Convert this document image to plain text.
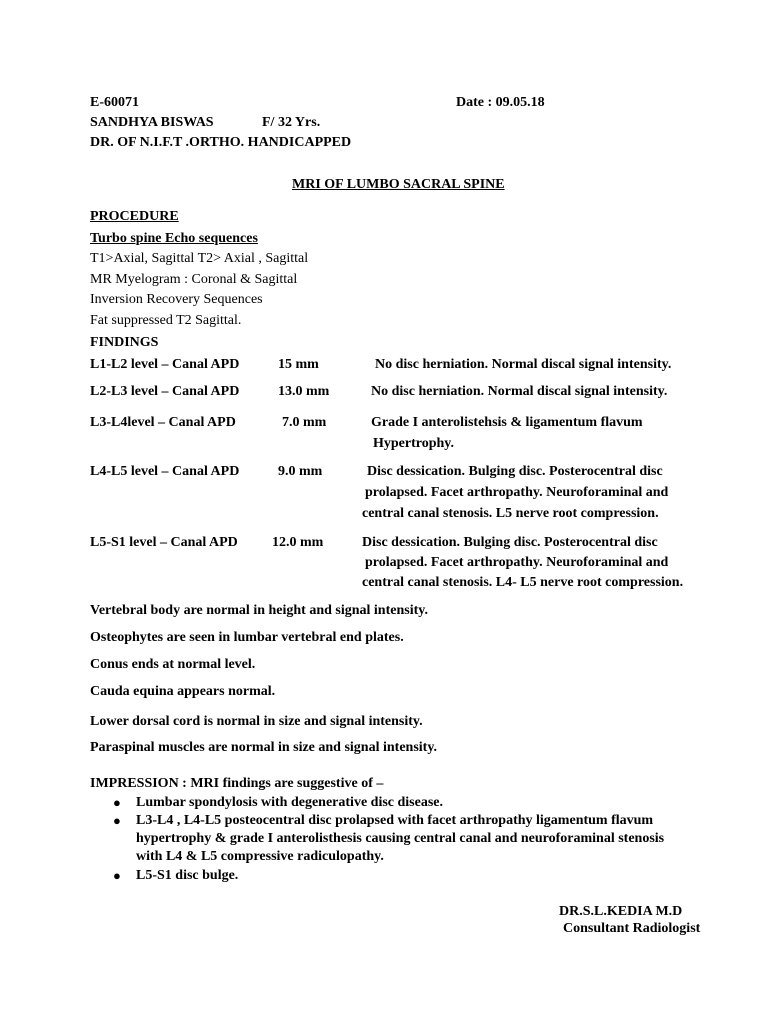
E-60071	Date : 09.05.18
SANDHYA BISWAS	F/ 32 Yrs.
DR. OF N.I.F.T .ORTHO. HANDICAPPED
MRI OF LUMBO SACRAL SPINE
PROCEDURE
Turbo spine Echo sequences
T1>Axial, Sagittal T2> Axial , Sagittal
MR Myelogram : Coronal & Sagittal
Inversion Recovery Sequences
Fat suppressed T2 Sagittal.
FINDINGS
L1-L2 level – Canal APD	15 mm	No disc herniation. Normal discal signal intensity.
L2-L3 level – Canal APD	13.0 mm	No disc herniation. Normal discal signal intensity.
L3-L4level – Canal APD	7.0 mm	Grade I anterolistehsis & ligamentum flavum
Hypertrophy.
L4-L5 level – Canal APD	9.0 mm	Disc dessication. Bulging disc. Posterocentral disc
prolapsed. Facet arthropathy. Neuroforaminal and
central canal stenosis. L5 nerve root compression.
L5-S1 level – Canal APD 12.0 mm	Disc dessication. Bulging disc. Posterocentral disc
prolapsed. Facet arthropathy. Neuroforaminal and
central canal stenosis. L4- L5 nerve root compression.
Vertebral body are normal in height and signal intensity.
Osteophytes are seen in lumbar vertebral end plates.
Conus ends at normal level.
Cauda equina appears normal.
Lower dorsal cord is normal in size and signal intensity.
Paraspinal muscles are normal in size and signal intensity.
IMPRESSION : MRI findings are suggestive of –
● Lumbar spondylosis with degenerative disc disease.
● L3-L4 , L4-L5 posteocentral disc prolapsed with facet arthropathy ligamentum flavum
hypertrophy & grade I anterolisthesis causing central canal and neuroforaminal stenosis
with L4 & L5 compressive radiculopathy.
● L5-S1 disc bulge.
DR.S.L.KEDIA M.D
Consultant Radiologist
